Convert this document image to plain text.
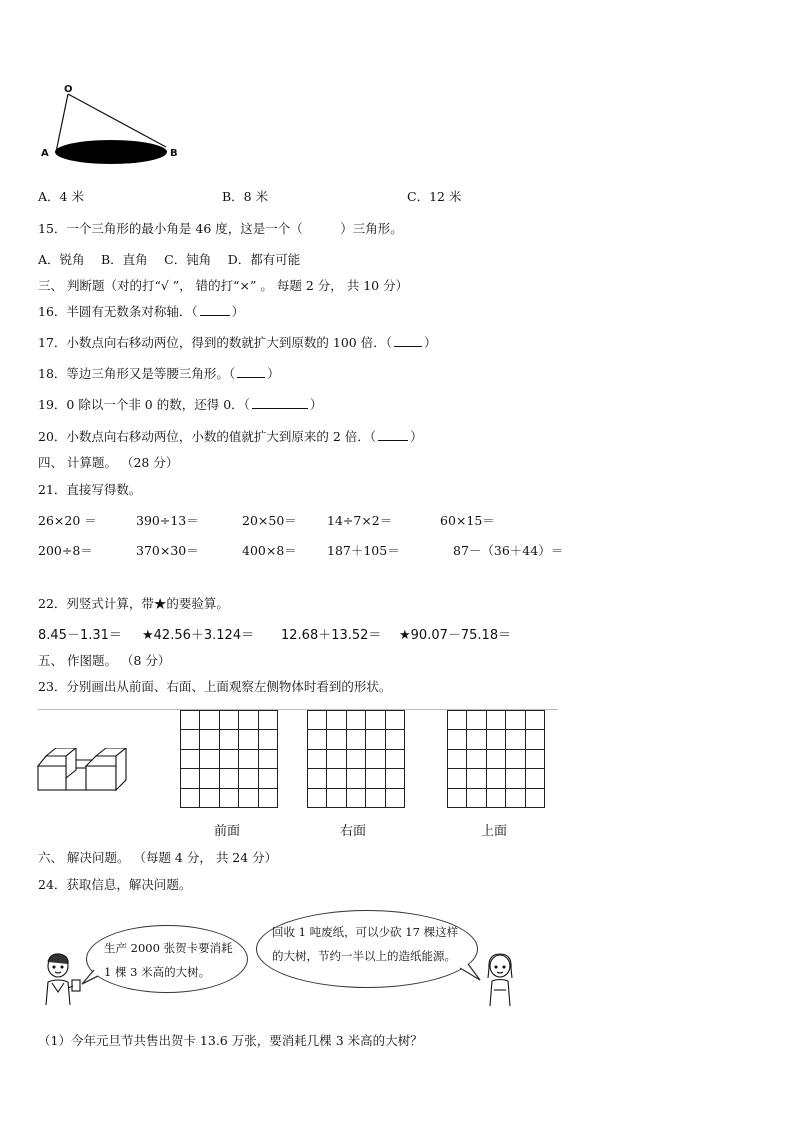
O
A	B
A．4 米	B．8 米	C．12 米
15．一个三角形的最小角是 46 度，这是一个（　　　）三角形。
A．锐角　 B．直角　 C．钝角　 D．都有可能
三、 判断题（对的打“√ ”， 错的打“×” 。 每题 2 分， 共 10 分）
16．半圆有无数条对称轴．（	）
17．小数点向右移动两位，得到的数就扩大到原数的 100 倍．（	）
18．等边三角形又是等腰三角形。（	）
19．0 除以一个非 0 的数，还得 0．（	）
20．小数点向右移动两位，小数的值就扩大到原来的 2 倍．（	）
四、 计算题。 （28 分）
21．直接写得数。
26×20 ＝	390÷13＝	20×50＝ 14÷7×2＝	60×15＝
200÷8＝	370×30＝	400×8＝ 187＋105＝	87－（36＋44）＝
22．列竖式计算，带★的要验算。
8.45－1.31＝ ★42.56＋3.124＝ 12.68＋13.52＝ ★90.07－75.18＝
五、 作图题。 （8 分）
23．分别画出从前面、右面、上面观察左侧物体时看到的形状。
前面	右面	上面
六、 解决问题。 （每题 4 分， 共 24 分）
24．获取信息，解决问题。
生产 2000 张贺卡要消耗
1 棵 3 米高的大树。
回收 1 吨废纸，可以少砍 17 棵这样
的大树，节约一半以上的造纸能源。
（1）今年元旦节共售出贺卡 13.6 万张，要消耗几棵 3 米高的大树？
